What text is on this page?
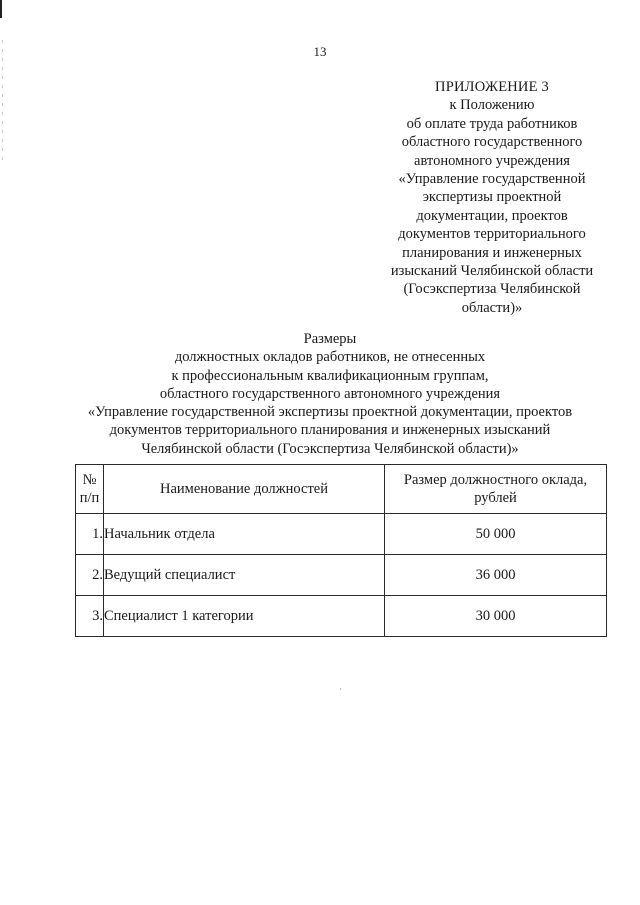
13
ПРИЛОЖЕНИЕ 3
к Положению
об оплате труда работников
областного государственного
автономного учреждения
«Управление государственной
экспертизы проектной
документации, проектов
документов территориального
планирования и инженерных
изысканий Челябинской области
(Госэкспертиза Челябинской
области)»
Размеры
должностных окладов работников, не отнесенных
к профессиональным квалификационным группам,
областного государственного автономного учреждения
«Управление государственной экспертизы проектной документации, проектов
документов территориального планирования и инженерных изысканий
Челябинской области (Госэкспертиза Челябинской области)»
№
п/п	Наименование должностей	Размер должностного оклада,
рублей

1.	Начальник отдела	50 000
2.	Ведущий специалист	36 000
3.	Специалист 1 категории	30 000
